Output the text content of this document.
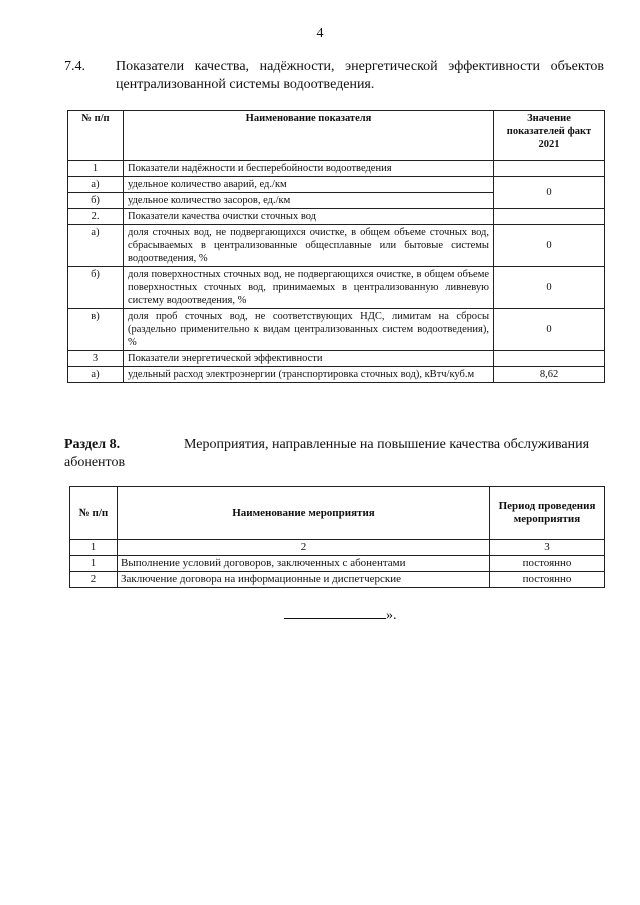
4
7.4. Показатели качества, надёжности, энергетической эффективности объектов централизованной системы водоотведения.
№ п/п	Наименование показателя	Значение показателей факт 2021
1	Показатели надёжности и бесперебойности водоотведения	
а)	удельное количество аварий, ед./км	0
б)	удельное количество засоров, ед./км	
2.	Показатели качества очистки сточных вод	
а)	доля сточных вод, не подвергающихся очистке, в общем объеме сточных вод, сбрасываемых в централизованные общесплавные или бытовые системы водоотведения, %	0
б)	доля поверхностных сточных вод, не подвергающихся очистке, в общем объеме поверхностных сточных вод, принимаемых в централизованную ливневую систему водоотведения, %	0
в)	доля проб сточных вод, не соответствующих НДС, лимитам на сбросы (раздельно применительно к видам централизованных систем водоотведения), %	0
3	Показатели энергетической эффективности	
а)	удельный расход электроэнергии (транспортировка сточных вод), кВтч/куб.м	8,62
Раздел 8.	Мероприятия, направленные на повышение качества обслуживания
абонентов
№ п/п	Наименование мероприятия	Период проведения мероприятия
1	2	3
1	Выполнение условий договоров, заключенных с абонентами	постоянно
2	Заключение договора на информационные и диспетчерские	постоянно
».
